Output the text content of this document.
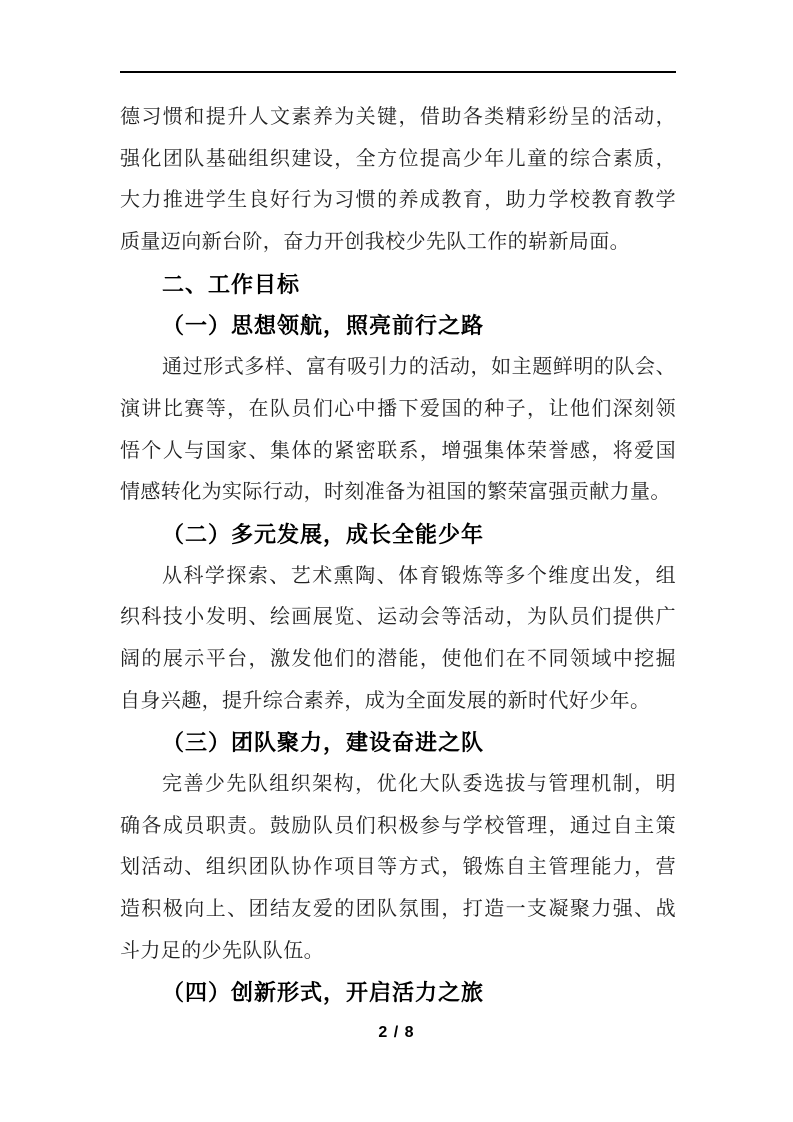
德习惯和提升人文素养为关键，借助各类精彩纷呈的活动，
强化团队基础组织建设，全方位提高少年儿童的综合素质，
大力推进学生良好行为习惯的养成教育，助力学校教育教学
质量迈向新台阶，奋力开创我校少先队工作的崭新局面。
二、工作目标
（一）思想领航，照亮前行之路
通过形式多样、富有吸引力的活动，如主题鲜明的队会、
演讲比赛等，在队员们心中播下爱国的种子，让他们深刻领
悟个人与国家、集体的紧密联系，增强集体荣誉感，将爱国
情感转化为实际行动，时刻准备为祖国的繁荣富强贡献力量。
（二）多元发展，成长全能少年
从科学探索、艺术熏陶、体育锻炼等多个维度出发，组
织科技小发明、绘画展览、运动会等活动，为队员们提供广
阔的展示平台，激发他们的潜能，使他们在不同领域中挖掘
自身兴趣，提升综合素养，成为全面发展的新时代好少年。
（三）团队聚力，建设奋进之队
完善少先队组织架构，优化大队委选拔与管理机制，明
确各成员职责。鼓励队员们积极参与学校管理，通过自主策
划活动、组织团队协作项目等方式，锻炼自主管理能力，营
造积极向上、团结友爱的团队氛围，打造一支凝聚力强、战
斗力足的少先队队伍。
（四）创新形式，开启活力之旅
2 / 8
